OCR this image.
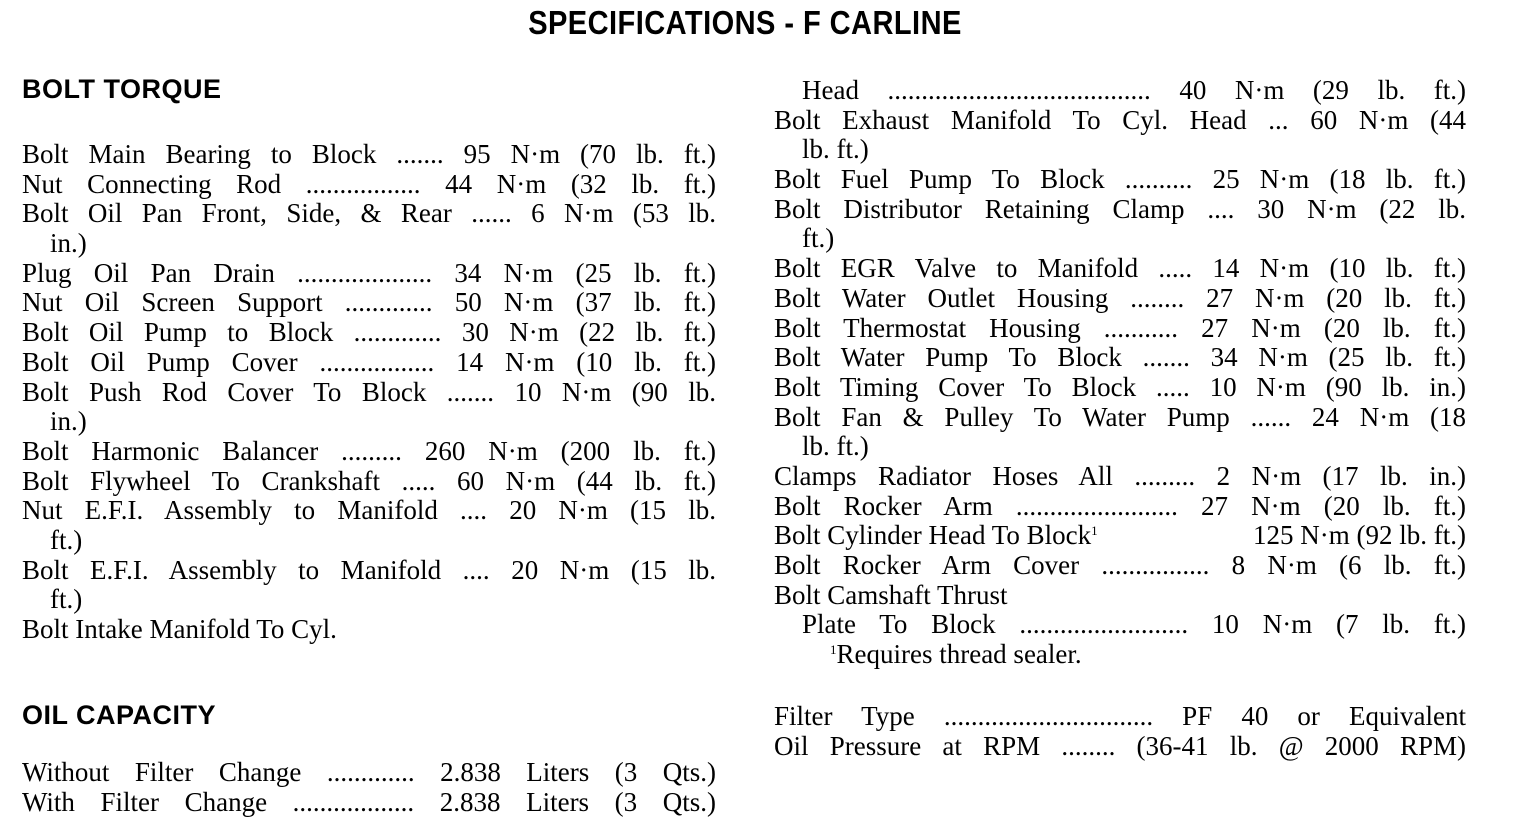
SPECIFICATIONS - F CARLINE
BOLT TORQUE
Bolt Main Bearing to Block ....... 95 N·m (70 lb. ft.)
Nut Connecting Rod ................. 44 N·m (32 lb. ft.)
Bolt Oil Pan Front, Side, & Rear ...... 6 N·m (53 lb.
in.)
Plug Oil Pan Drain .................... 34 N·m (25 lb. ft.)
Nut Oil Screen Support ............. 50 N·m (37 lb. ft.)
Bolt Oil Pump to Block ............. 30 N·m (22 lb. ft.)
Bolt Oil Pump Cover ................. 14 N·m (10 lb. ft.)
Bolt Push Rod Cover To Block ....... 10 N·m (90 lb.
in.)
Bolt Harmonic Balancer ......... 260 N·m (200 lb. ft.)
Bolt Flywheel To Crankshaft ..... 60 N·m (44 lb. ft.)
Nut E.F.I. Assembly to Manifold .... 20 N·m (15 lb.
ft.)
Bolt E.F.I. Assembly to Manifold .... 20 N·m (15 lb.
ft.)
Bolt Intake Manifold To Cyl.
OIL CAPACITY
Without Filter Change ............. 2.838 Liters (3 Qts.)
With Filter Change .................. 2.838 Liters (3 Qts.)
Head ....................................... 40 N·m (29 lb. ft.)
Bolt Exhaust Manifold To Cyl. Head ... 60 N·m (44
lb. ft.)
Bolt Fuel Pump To Block .......... 25 N·m (18 lb. ft.)
Bolt Distributor Retaining Clamp .... 30 N·m (22 lb.
ft.)
Bolt EGR Valve to Manifold ..... 14 N·m (10 lb. ft.)
Bolt Water Outlet Housing ........ 27 N·m (20 lb. ft.)
Bolt Thermostat Housing ........... 27 N·m (20 lb. ft.)
Bolt Water Pump To Block ....... 34 N·m (25 lb. ft.)
Bolt Timing Cover To Block ..... 10 N·m (90 lb. in.)
Bolt Fan & Pulley To Water Pump ...... 24 N·m (18
lb. ft.)
Clamps Radiator Hoses All ......... 2 N·m (17 lb. in.)
Bolt Rocker Arm ........................ 27 N·m (20 lb. ft.)
Bolt Cylinder Head To Block$^1$	125 N·m (92 lb. ft.)
Bolt Rocker Arm Cover ................ 8 N·m (6 lb. ft.)
Bolt Camshaft Thrust
Plate To Block ......................... 10 N·m (7 lb. ft.)
$^1$Requires thread sealer.
Filter Type ............................... PF 40 or Equivalent
Oil Pressure at RPM ........ (36-41 lb. @ 2000 RPM)
